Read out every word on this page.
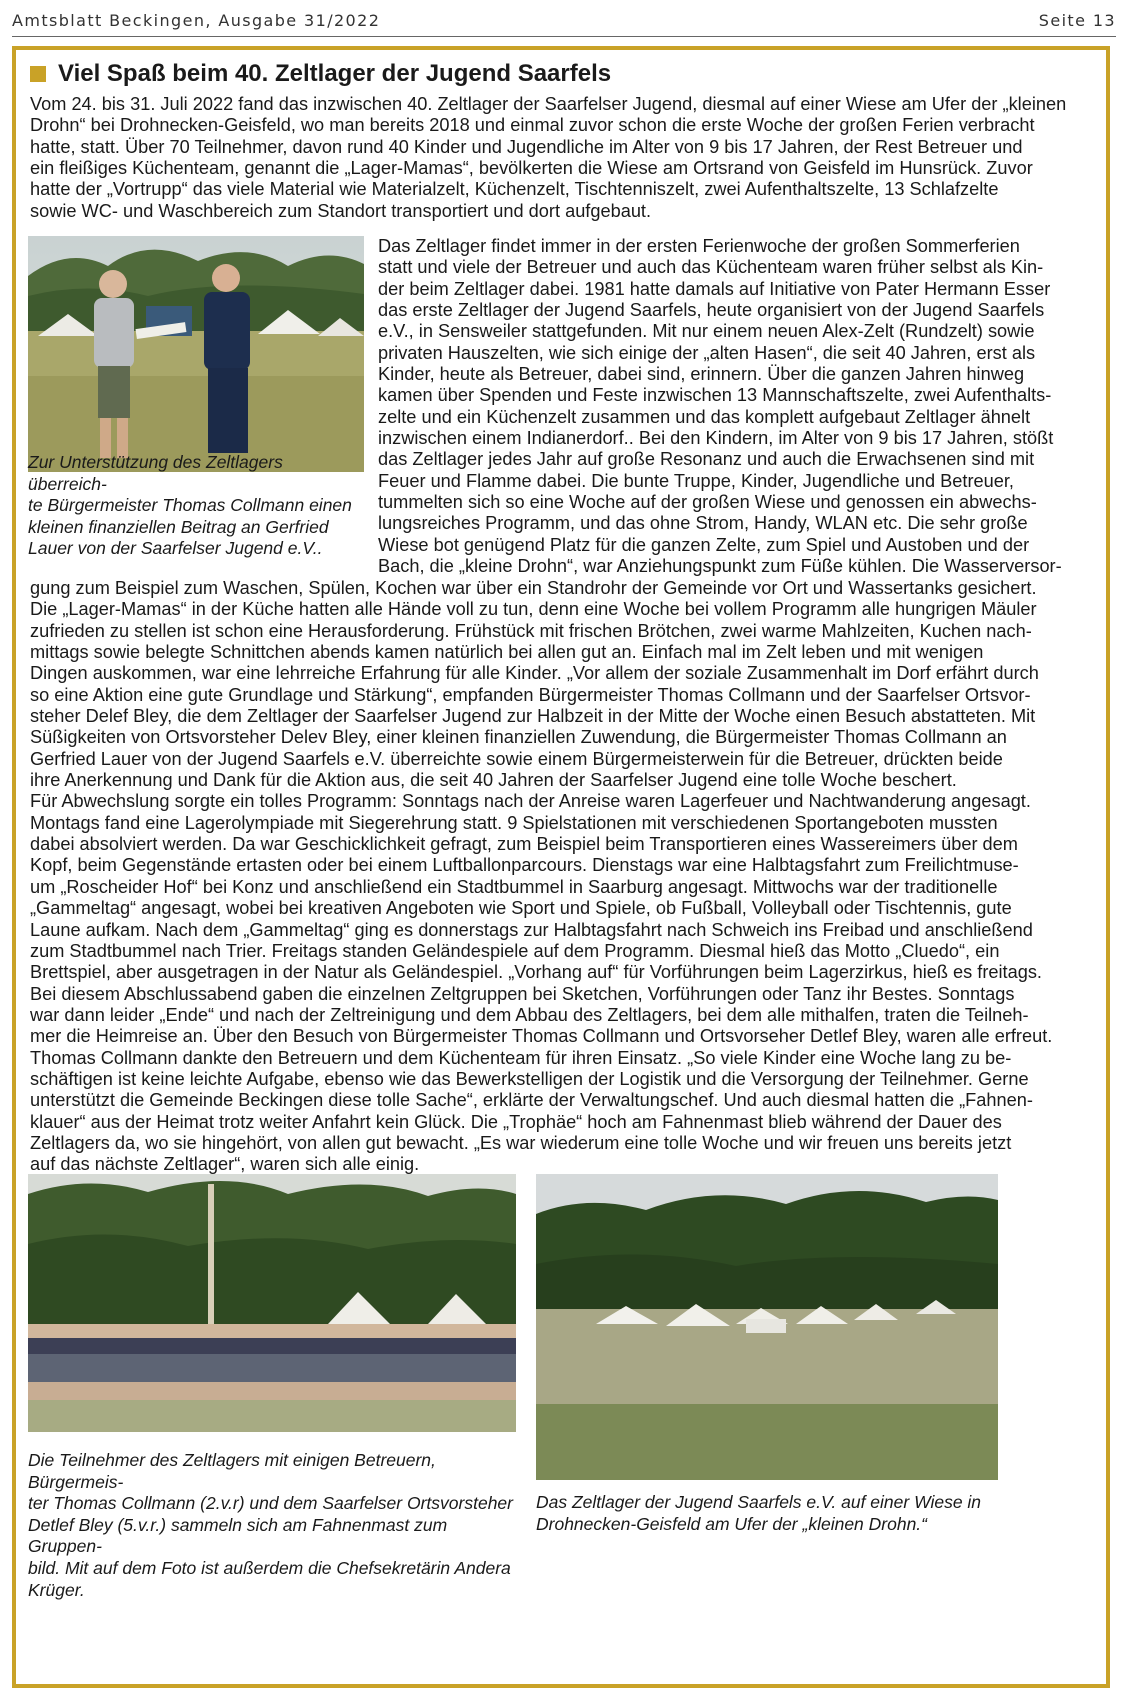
Amtsblatt Beckingen, Ausgabe 31/2022	Seite 13
Viel Spaß beim 40. Zeltlager der Jugend Saarfels
Vom 24. bis 31. Juli 2022 fand das inzwischen 40. Zeltlager der Saarfelser Jugend, diesmal auf einer Wiese am Ufer der „kleinen
Drohn“ bei Drohnecken-Geisfeld, wo man bereits 2018 und einmal zuvor schon die erste Woche der großen Ferien verbracht
hatte, statt. Über 70 Teilnehmer, davon rund 40 Kinder und Jugendliche im Alter von 9 bis 17 Jahren, der Rest Betreuer und
ein fleißiges Küchenteam, genannt die „Lager-Mamas“, bevölkerten die Wiese am Ortsrand von Geisfeld im Hunsrück. Zuvor
hatte der „Vortrupp“ das viele Material wie Materialzelt, Küchenzelt, Tischtenniszelt, zwei Aufenthaltszelte, 13 Schlafzelte
sowie WC- und Waschbereich zum Standort transportiert und dort aufgebaut.
Zur Unterstützung des Zeltlagers überreich-
te Bürgermeister Thomas Collmann einen
kleinen finanziellen Beitrag an Gerfried
Lauer von der Saarfelser Jugend e.V..
Das Zeltlager findet immer in der ersten Ferienwoche der großen Sommerferien
statt und viele der Betreuer und auch das Küchenteam waren früher selbst als Kin-
der beim Zeltlager dabei. 1981 hatte damals auf Initiative von Pater Hermann Esser
das erste Zeltlager der Jugend Saarfels, heute organisiert von der Jugend Saarfels
e.V., in Sensweiler stattgefunden. Mit nur einem neuen Alex-Zelt (Rundzelt) sowie
privaten Hauszelten, wie sich einige der „alten Hasen“, die seit 40 Jahren, erst als
Kinder, heute als Betreuer, dabei sind, erinnern. Über die ganzen Jahren hinweg
kamen über Spenden und Feste inzwischen 13 Mannschaftszelte, zwei Aufenthalts-
zelte und ein Küchenzelt zusammen und das komplett aufgebaut Zeltlager ähnelt
inzwischen einem Indianerdorf.. Bei den Kindern, im Alter von 9 bis 17 Jahren, stößt
das Zeltlager jedes Jahr auf große Resonanz und auch die Erwachsenen sind mit
Feuer und Flamme dabei. Die bunte Truppe, Kinder, Jugendliche und Betreuer,
tummelten sich so eine Woche auf der großen Wiese und genossen ein abwechs-
lungsreiches Programm, und das ohne Strom, Handy, WLAN etc. Die sehr große
Wiese bot genügend Platz für die ganzen Zelte, zum Spiel und Austoben und der
Bach, die „kleine Drohn“, war Anziehungspunkt zum Füße kühlen. Die Wasserversor-
gung zum Beispiel zum Waschen, Spülen, Kochen war über ein Standrohr der Gemeinde vor Ort und Wassertanks gesichert.
Die „Lager-Mamas“ in der Küche hatten alle Hände voll zu tun, denn eine Woche bei vollem Programm alle hungrigen Mäuler
zufrieden zu stellen ist schon eine Herausforderung. Frühstück mit frischen Brötchen, zwei warme Mahlzeiten, Kuchen nach-
mittags sowie belegte Schnittchen abends kamen natürlich bei allen gut an. Einfach mal im Zelt leben und mit wenigen
Dingen auskommen, war eine lehrreiche Erfahrung für alle Kinder. „Vor allem der soziale Zusammenhalt im Dorf erfährt durch
so eine Aktion eine gute Grundlage und Stärkung“, empfanden Bürgermeister Thomas Collmann und der Saarfelser Ortsvor-
steher Delef Bley, die dem Zeltlager der Saarfelser Jugend zur Halbzeit in der Mitte der Woche einen Besuch abstatteten. Mit
Süßigkeiten von Ortsvorsteher Delev Bley, einer kleinen finanziellen Zuwendung, die Bürgermeister Thomas Collmann an
Gerfried Lauer von der Jugend Saarfels e.V. überreichte sowie einem Bürgermeisterwein für die Betreuer, drückten beide
ihre Anerkennung und Dank für die Aktion aus, die seit 40 Jahren der Saarfelser Jugend eine tolle Woche beschert.
Für Abwechslung sorgte ein tolles Programm: Sonntags nach der Anreise waren Lagerfeuer und Nachtwanderung angesagt.
Montags fand eine Lagerolympiade mit Siegerehrung statt. 9 Spielstationen mit verschiedenen Sportangeboten mussten
dabei absolviert werden. Da war Geschicklichkeit gefragt, zum Beispiel beim Transportieren eines Wassereimers über dem
Kopf, beim Gegenstände ertasten oder bei einem Luftballonparcours. Dienstags war eine Halbtagsfahrt zum Freilichtmuse-
um „Roscheider Hof“ bei Konz und anschließend ein Stadtbummel in Saarburg angesagt. Mittwochs war der traditionelle
„Gammeltag“ angesagt, wobei bei kreativen Angeboten wie Sport und Spiele, ob Fußball, Volleyball oder Tischtennis, gute
Laune aufkam. Nach dem „Gammeltag“ ging es donnerstags zur Halbtagsfahrt nach Schweich ins Freibad und anschließend
zum Stadtbummel nach Trier. Freitags standen Geländespiele auf dem Programm. Diesmal hieß das Motto „Cluedo“, ein
Brettspiel, aber ausgetragen in der Natur als Geländespiel. „Vorhang auf“ für Vorführungen beim Lagerzirkus, hieß es freitags.
Bei diesem Abschlussabend gaben die einzelnen Zeltgruppen bei Sketchen, Vorführungen oder Tanz ihr Bestes. Sonntags
war dann leider „Ende“ und nach der Zeltreinigung und dem Abbau des Zeltlagers, bei dem alle mithalfen, traten die Teilneh-
mer die Heimreise an. Über den Besuch von Bürgermeister Thomas Collmann und Ortsvorseher Detlef Bley, waren alle erfreut.
Thomas Collmann dankte den Betreuern und dem Küchenteam für ihren Einsatz. „So viele Kinder eine Woche lang zu be-
schäftigen ist keine leichte Aufgabe, ebenso wie das Bewerkstelligen der Logistik und die Versorgung der Teilnehmer. Gerne
unterstützt die Gemeinde Beckingen diese tolle Sache“, erklärte der Verwaltungschef. Und auch diesmal hatten die „Fahnen-
klauer“ aus der Heimat trotz weiter Anfahrt kein Glück. Die „Trophäe“ hoch am Fahnenmast blieb während der Dauer des
Zeltlagers da, wo sie hingehört, von allen gut bewacht. „Es war wiederum eine tolle Woche und wir freuen uns bereits jetzt
auf das nächste Zeltlager“, waren sich alle einig.
Die Teilnehmer des Zeltlagers mit einigen Betreuern, Bürgermeis-
ter Thomas Collmann (2.v.r) und dem Saarfelser Ortsvorsteher
Detlef Bley (5.v.r.) sammeln sich am Fahnenmast zum Gruppen-
bild. Mit auf dem Foto ist außerdem die Chefsekretärin Andera
Krüger.
Das Zeltlager der Jugend Saarfels e.V. auf einer Wiese in
Drohnecken-Geisfeld am Ufer der „kleinen Drohn.“
